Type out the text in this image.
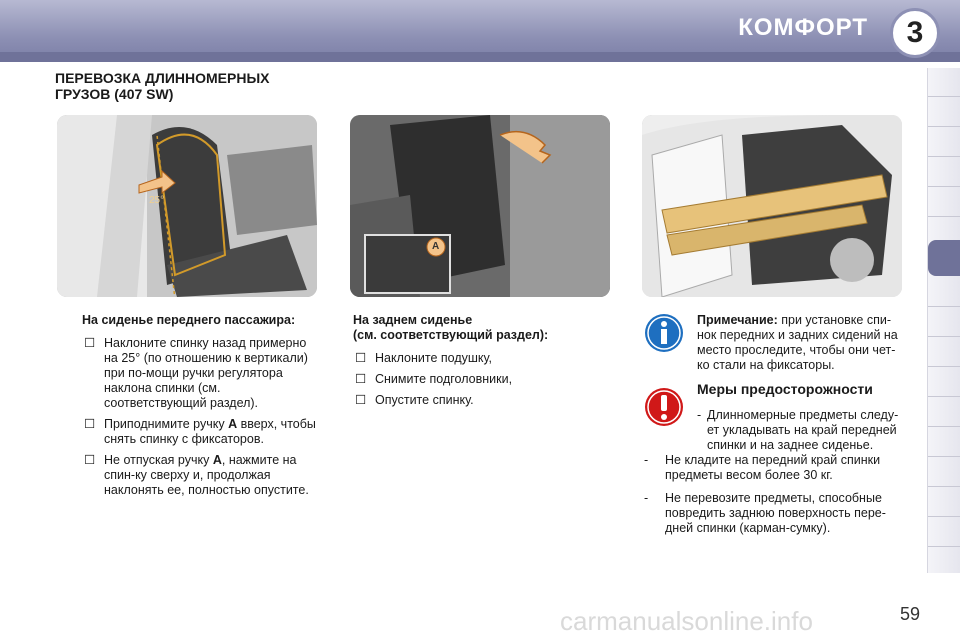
КОМФОРТ 3
ПЕРЕВОЗКА ДЛИННОМЕРНЫХ
ГРУЗОВ (407 SW)
25°
A
На сиденье переднего пассажира:
☐ Наклоните спинку назад примерно на 25° (по отношению к вертикали) при по-мощи ручки регулятора наклона спинки (см. соответствующий раздел).
☐ Приподнимите ручку A вверх, чтобы снять спинку с фиксаторов.
☐ Не отпуская ручку A, нажмите на спин-ку сверху и, продолжая наклонять ее, полностью опустите.
На заднем сиденье
(см. соответствующий раздел):
☐ Наклоните подушку,
☐ Снимите подголовники,
☐ Опустите спинку.
Примечание: при установке спи-нок передних и задних сидений на место проследите, чтобы они чет-ко стали на фиксаторы.
Меры предосторожности
- Длинномерные предметы следу-ет укладывать на край передней спинки и на заднее сиденье.
- Не кладите на передний край спинки предметы весом более 30 кг.
- Не перевозите предметы, способные повредить заднюю поверхность пере-дней спинки (карман-сумку).
carmanualsonline.info	59
